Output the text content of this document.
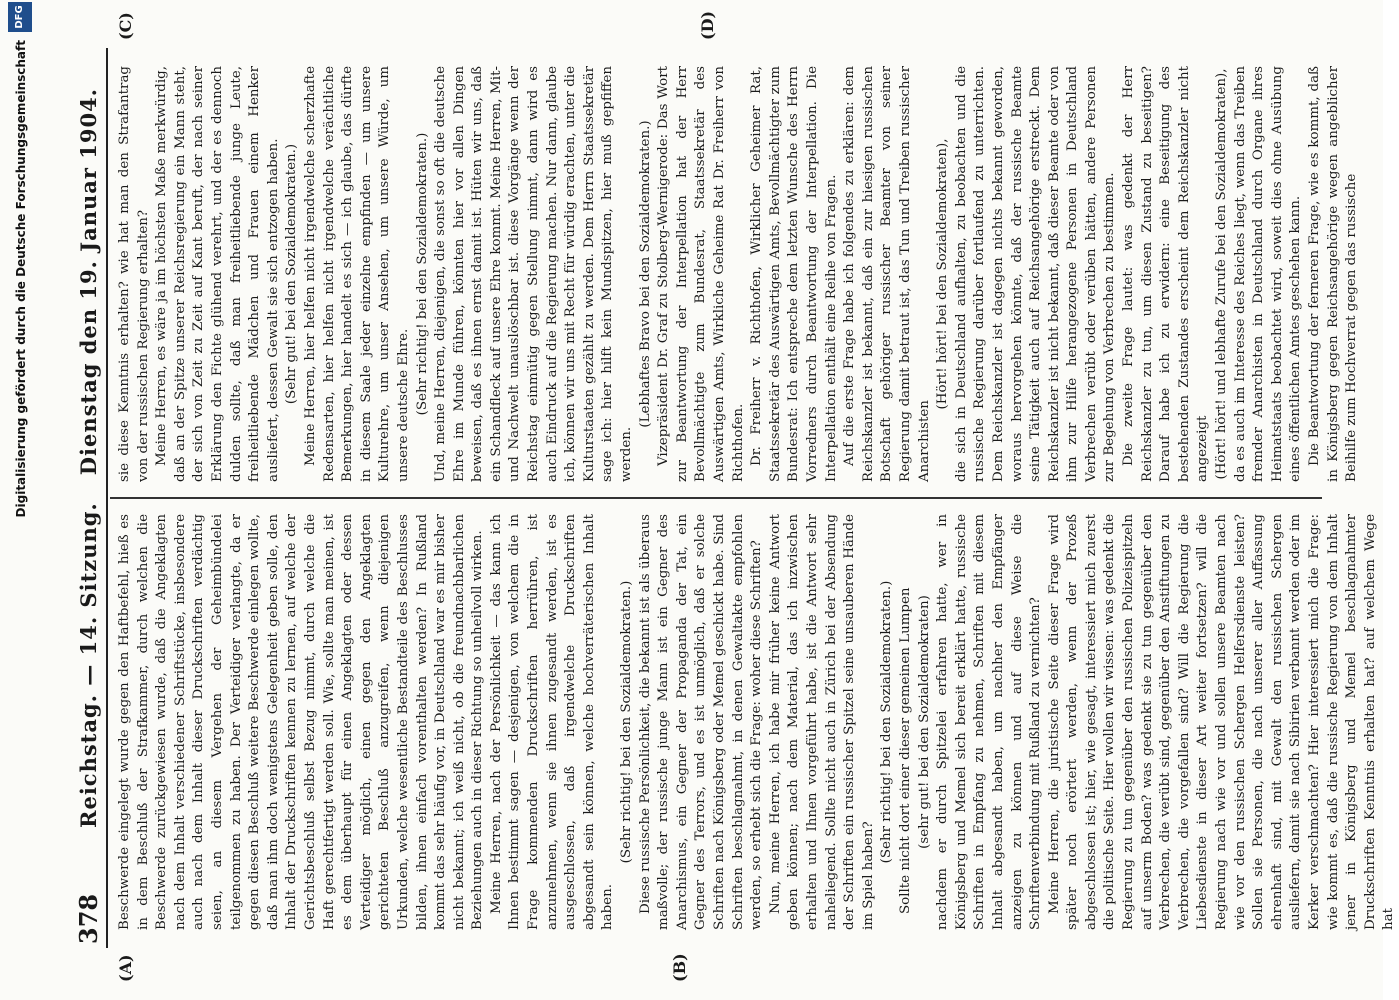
Digitalisierung gefördert durch die Deutsche Forschungsgemeinschaft
DFG
378
Reichstag. — 14. Sitzung.
Dienstag den 19. Januar 1904.
(A)	(B)
(C)	(D)

Beschwerde eingelegt wurde gegen den Haftbefehl, hieß es in dem Beschluß der Strafkammer, durch welchen die Beschwerde zurückgewiesen wurde, daß die Angeklagten nach dem Inhalt verschiedener Schriftstücke, insbesondere auch nach dem Inhalt dieser Druckschriften verdächtig seien, an diesem Vergehen der Geheimbündelei teilgenommen zu haben. Der Verteidiger verlangte, da er gegen diesen Beschluß weitere Beschwerde einlegen wollte, daß man ihm doch wenigstens Gelegenheit geben solle, den Inhalt der Druckschriften kennen zu lernen, auf welche der Gerichtsbeschluß selbst Bezug nimmt, durch welche die Haft gerechtfertigt werden soll. Wie, sollte man meinen, ist es dem überhaupt für einen Angeklagten oder dessen Verteidiger möglich, einen gegen den Angeklagten gerichteten Beschluß anzugreifen, wenn diejenigen Urkunden, welche wesentliche Bestandteile des Beschlusses bilden, ihnen einfach vorenthalten werden? In Rußland kommt das sehr häufig vor, in Deutschland war es mir bisher nicht bekannt; ich weiß nicht, ob die freundnachbarlichen Beziehungen auch in dieser Richtung so unheilvoll wirken. Meine Herren, nach der Persönlichkeit — das kann ich Ihnen bestimmt sagen — desjenigen, von welchem die in Frage kommenden Druckschriften herrühren, ist anzunehmen, wenn sie ihnen zugesandt werden, ist es ausgeschlossen, daß irgendwelche Druckschriften abgesandt sein können, welche hochverräterischen Inhalt haben.

(Sehr richtig! bei den Sozialdemokraten.) Diese russische Persönlichkeit, die bekannt ist als überaus maßvolle; der russische junge Mann ist ein Gegner des Anarchismus, ein Gegner der Propaganda der Tat, ein Gegner des Terrors, und es ist unmöglich, daß er solche Schriften nach Königsberg oder Memel geschickt habe. Sind Schriften beschlagnahmt, in denen Gewaltakte empfohlen werden, so erhebt sich die Frage: woher diese Schriften? Nun, meine Herren, ich habe mir früher keine Antwort geben können; nach dem Material, das ich inzwischen erhalten und Ihnen vorgeführt habe, ist die Antwort sehr naheliegend. Sollte nicht auch in Zürich bei der Absendung der Schriften ein russischer Spitzel seine unsauberen Hände im Spiel haben?

(Sehr richtig! bei den Sozialdemokraten.) Sollte nicht dort einer dieser gemeinen Lumpen (sehr gut! bei den Sozialdemokraten) nachdem er durch Spitzelei erfahren hatte, wer in Königsberg und Memel sich bereit erklärt hatte, russische Schriften in Empfang zu nehmen, Schriften mit diesem Inhalt abgesandt haben, um nachher den Empfänger anzeigen zu können und auf diese Weise die Schriftenverbindung mit Rußland zu vernichten? Meine Herren, die juristische Seite dieser Frage wird später noch erörtert werden, wenn der Prozeß abgeschlossen ist; hier, wie gesagt, interessiert mich zuerst die politische Seite. Hier wollen wir wissen: was gedenkt die Regierung zu tun gegenüber den russischen Polizeispitzeln auf unserm Boden? was gedenkt sie zu tun gegenüber den Verbrechen, die verübt sind, gegenüber den Anstiftungen zu Verbrechen, die vorgefallen sind? Will die Regierung die Liebesdienste in dieser Art weiter fortsetzen? will die Regierung nach wie vor und sollen unsere Beamten nach wie vor den russischen Schergen Helfersdienste leisten? Sollen sie Personen, die nach unserer aller Auffassung ehrenhaft sind, mit Gewalt den russischen Schergen ausliefern, damit sie nach Sibirien verbannt werden oder im Kerker verschmachten? Hier interessiert mich die Frage: wie kommt es, daß die russische Regierung von dem Inhalt jener in Königsberg und Memel beschlagnahmter Druckschriften Kenntnis erhalten hat? auf welchem Wege hat

sie diese Kenntnis erhalten? wie hat man den Strafantrag von der russischen Regierung erhalten? Meine Herren, es wäre ja im höchsten Maße merkwürdig, daß an der Spitze unserer Reichsregierung ein Mann steht, der sich von Zeit zu Zeit auf Kant beruft, der nach seiner Erklärung den Fichte glühend verehrt, und der es dennoch dulden sollte, daß man freiheitliebende junge Leute, freiheitliebende Mädchen und Frauen einem Henker ausliefert, dessen Gewalt sie sich entzogen haben. (Sehr gut! bei den Sozialdemokraten.) Meine Herren, hier helfen nicht irgendwelche scherzhafte Redensarten, hier helfen nicht irgendwelche verächtliche Bemerkungen, hier handelt es sich — ich glaube, das dürfte in diesem Saale jeder einzelne empfinden — um unsere Kulturehre, um unser Ansehen, um unsere Würde, um unsere deutsche Ehre. (Sehr richtig! bei den Sozialdemokraten.) Und, meine Herren, diejenigen, die sonst so oft die deutsche Ehre im Munde führen, könnten hier vor allen Dingen beweisen, daß es ihnen ernst damit ist. Hüten wir uns, daß ein Schandfleck auf unsere Ehre kommt. Meine Herren, Mit- und Nachwelt unauslöschbar ist. diese Vorgänge wenn der Reichstag einmütig gegen Stellung nimmt, dann wird es auch Eindruck auf die Regierung machen. Nur dann, glaube ich, können wir uns mit Recht für würdig erachten, unter die Kulturstaaten gezählt zu werden. Dem Herrn Staatssekretär sage ich: hier hilft kein Mundspitzen, hier muß gepfiffen werden.

(Lebhaftes Bravo bei den Sozialdemokraten.) Vizepräsident Dr. Graf zu Stolberg-Wernigerode: Das Wort zur Beantwortung der Interpellation hat der Herr Bevollmächtigte zum Bundesrat, Staatssekretär des Auswärtigen Amts, Wirkliche Geheime Rat Dr. Freiherr von Richthofen. Dr. Freiherr v. Richthofen, Wirklicher Geheimer Rat, Staatssekretär des Auswärtigen Amts, Bevollmächtigter zum Bundesrat: Ich entspreche dem letzten Wunsche des Herrn Vorredners durch Beantwortung der Interpellation. Die Interpellation enthält eine Reihe von Fragen. Auf die erste Frage habe ich folgendes zu erklären: dem Reichskanzler ist bekannt, daß ein zur hiesigen russischen Botschaft gehöriger russischer Beamter von seiner Regierung damit betraut ist, das Tun und Treiben russischer Anarchisten

(Hört! hört! bei den Sozialdemokraten), die sich in Deutschland aufhalten, zu beobachten und die russische Regierung darüber fortlaufend zu unterrichten. Dem Reichskanzler ist dagegen nichts bekannt geworden, woraus hervorgehen könnte, daß der russische Beamte seine Tätigkeit auch auf Reichsangehörige erstreckt. Dem Reichskanzler ist nicht bekannt, daß dieser Beamte oder von ihm zur Hilfe herangezogene Personen in Deutschland Verbrechen verübt oder verüben hätten, andere Personen zur Begehung von Verbrechen zu bestimmen. Die zweite Frage lautet: was gedenkt der Herr Reichskanzler zu tun, um diesen Zustand zu beseitigen? Darauf habe ich zu erwidern: eine Beseitigung des bestehenden Zustandes erscheint dem Reichskanzler nicht angezeigt (Hört! hört! und lebhafte Zurufe bei den Sozialdemokraten), da es auch im Interesse des Reiches liegt, wenn das Treiben fremder Anarchisten in Deutschland durch Organe ihres Heimatstaats beobachtet wird, soweit dies ohne Ausübung eines öffentlichen Amtes geschehen kann. Die Beantwortung der ferneren Frage, wie es kommt, daß in Königsberg gegen Reichsangehörige wegen angeblicher Beihilfe zum Hochverrat gegen das russische
